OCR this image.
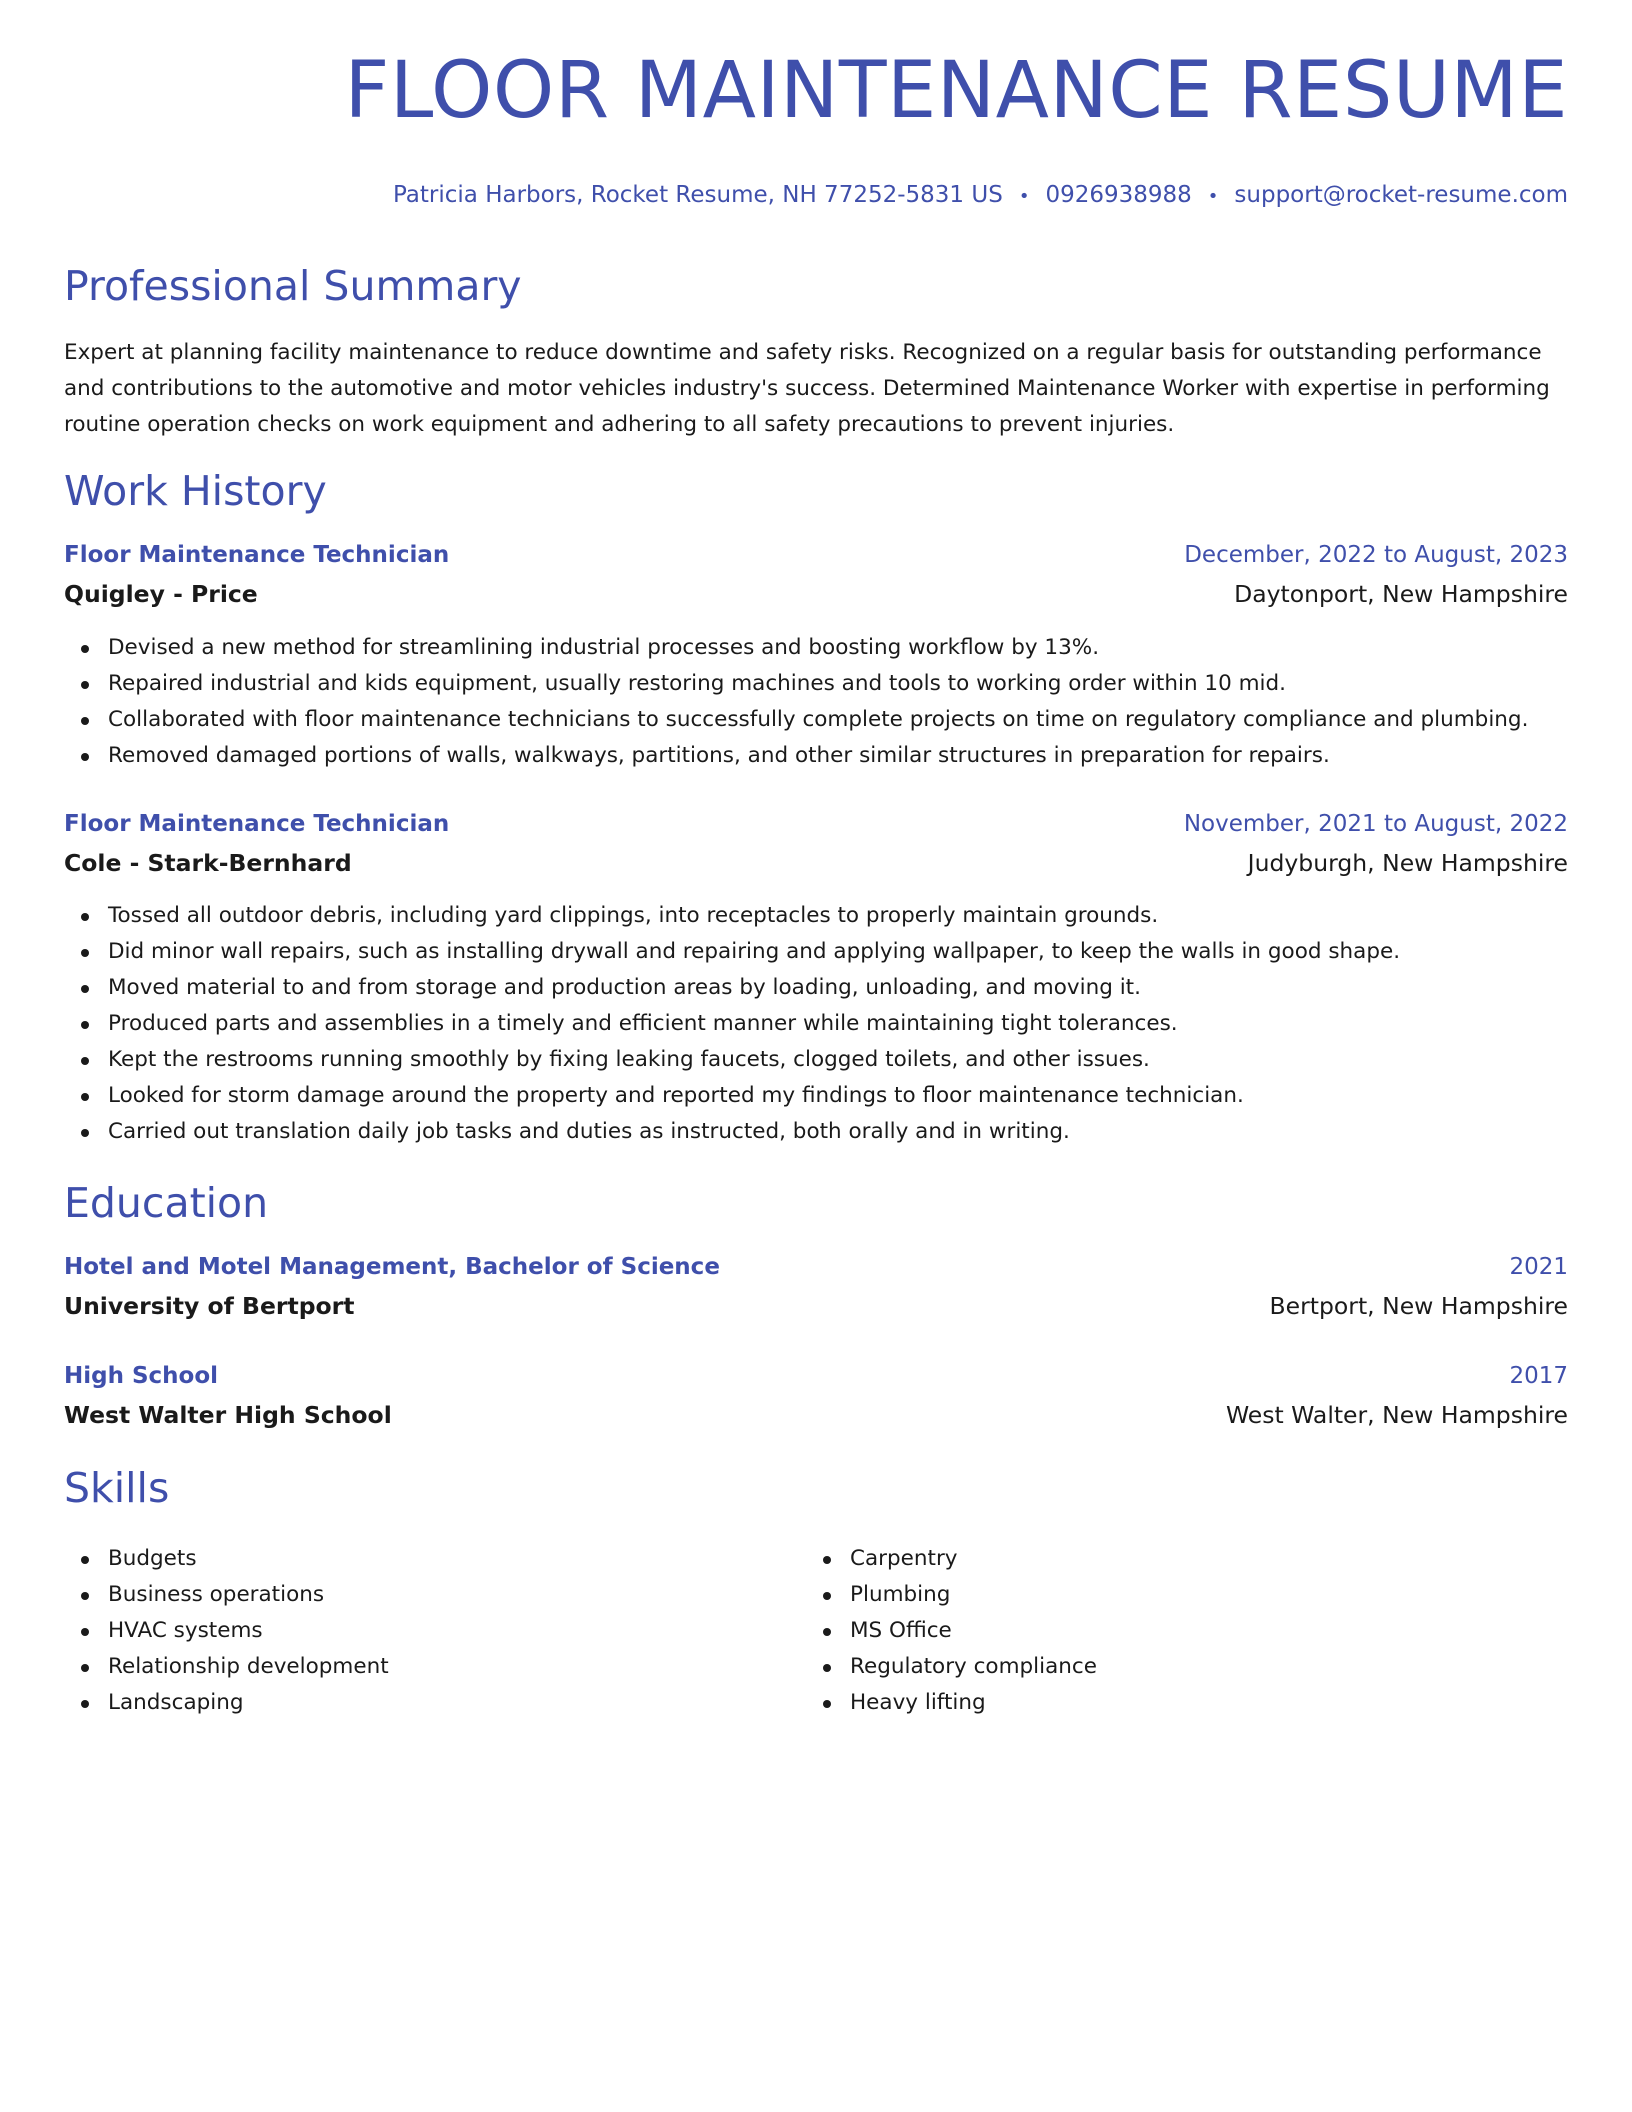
FLOOR MAINTENANCE RESUME
Patricia Harbors, Rocket Resume, NH 77252-5831 US • 0926938988 • support@rocket-resume.com
Professional Summary

Expert at planning facility maintenance to reduce downtime and safety risks. Recognized on a regular basis for outstanding performance and contributions to the automotive and motor vehicles industry's success. Determined Maintenance Worker with expertise in performing routine operation checks on work equipment and adhering to all safety precautions to prevent injuries.

Work History
Floor Maintenance Technician	December, 2022 to August, 2023
Quigley - Price	Daytonport, New Hampshire
Devised a new method for streamlining industrial processes and boosting workflow by 13%.
Repaired industrial and kids equipment, usually restoring machines and tools to working order within 10 mid.
Collaborated with floor maintenance technicians to successfully complete projects on time on regulatory compliance and plumbing.
Removed damaged portions of walls, walkways, partitions, and other similar structures in preparation for repairs.
Floor Maintenance Technician	November, 2021 to August, 2022
Cole - Stark-Bernhard	Judyburgh, New Hampshire
Tossed all outdoor debris, including yard clippings, into receptacles to properly maintain grounds.
Did minor wall repairs, such as installing drywall and repairing and applying wallpaper, to keep the walls in good shape.
Moved material to and from storage and production areas by loading, unloading, and moving it.
Produced parts and assemblies in a timely and efficient manner while maintaining tight tolerances.
Kept the restrooms running smoothly by fixing leaking faucets, clogged toilets, and other issues.
Looked for storm damage around the property and reported my findings to floor maintenance technician.
Carried out translation daily job tasks and duties as instructed, both orally and in writing.
Education
Hotel and Motel Management, Bachelor of Science	2021
University of Bertport	Bertport, New Hampshire
High School	2017
West Walter High School	West Walter, New Hampshire
Skills
Budgets
Business operations
HVAC systems
Relationship development
Landscaping
Carpentry
Plumbing
MS Office
Regulatory compliance
Heavy lifting
